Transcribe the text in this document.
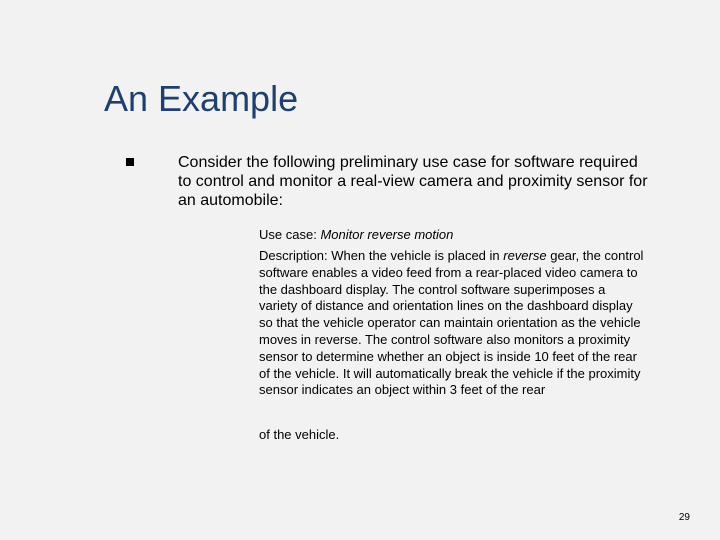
An Example
Consider the following preliminary use case for software required to control and monitor a real-view camera and proximity sensor for an automobile:
Use case: Monitor reverse motion
Description: When the vehicle is placed in reverse gear, the control software enables a video feed from a rear-placed video camera to the dashboard display. The control software superimposes a variety of distance and orientation lines on the dashboard display so that the vehicle operator can maintain orientation as the vehicle moves in reverse. The control software also monitors a proximity sensor to determine whether an object is inside 10 feet of the rear of the vehicle. It will automatically break the vehicle if the proximity sensor indicates an object within 3 feet of the rear
of the vehicle.
29
